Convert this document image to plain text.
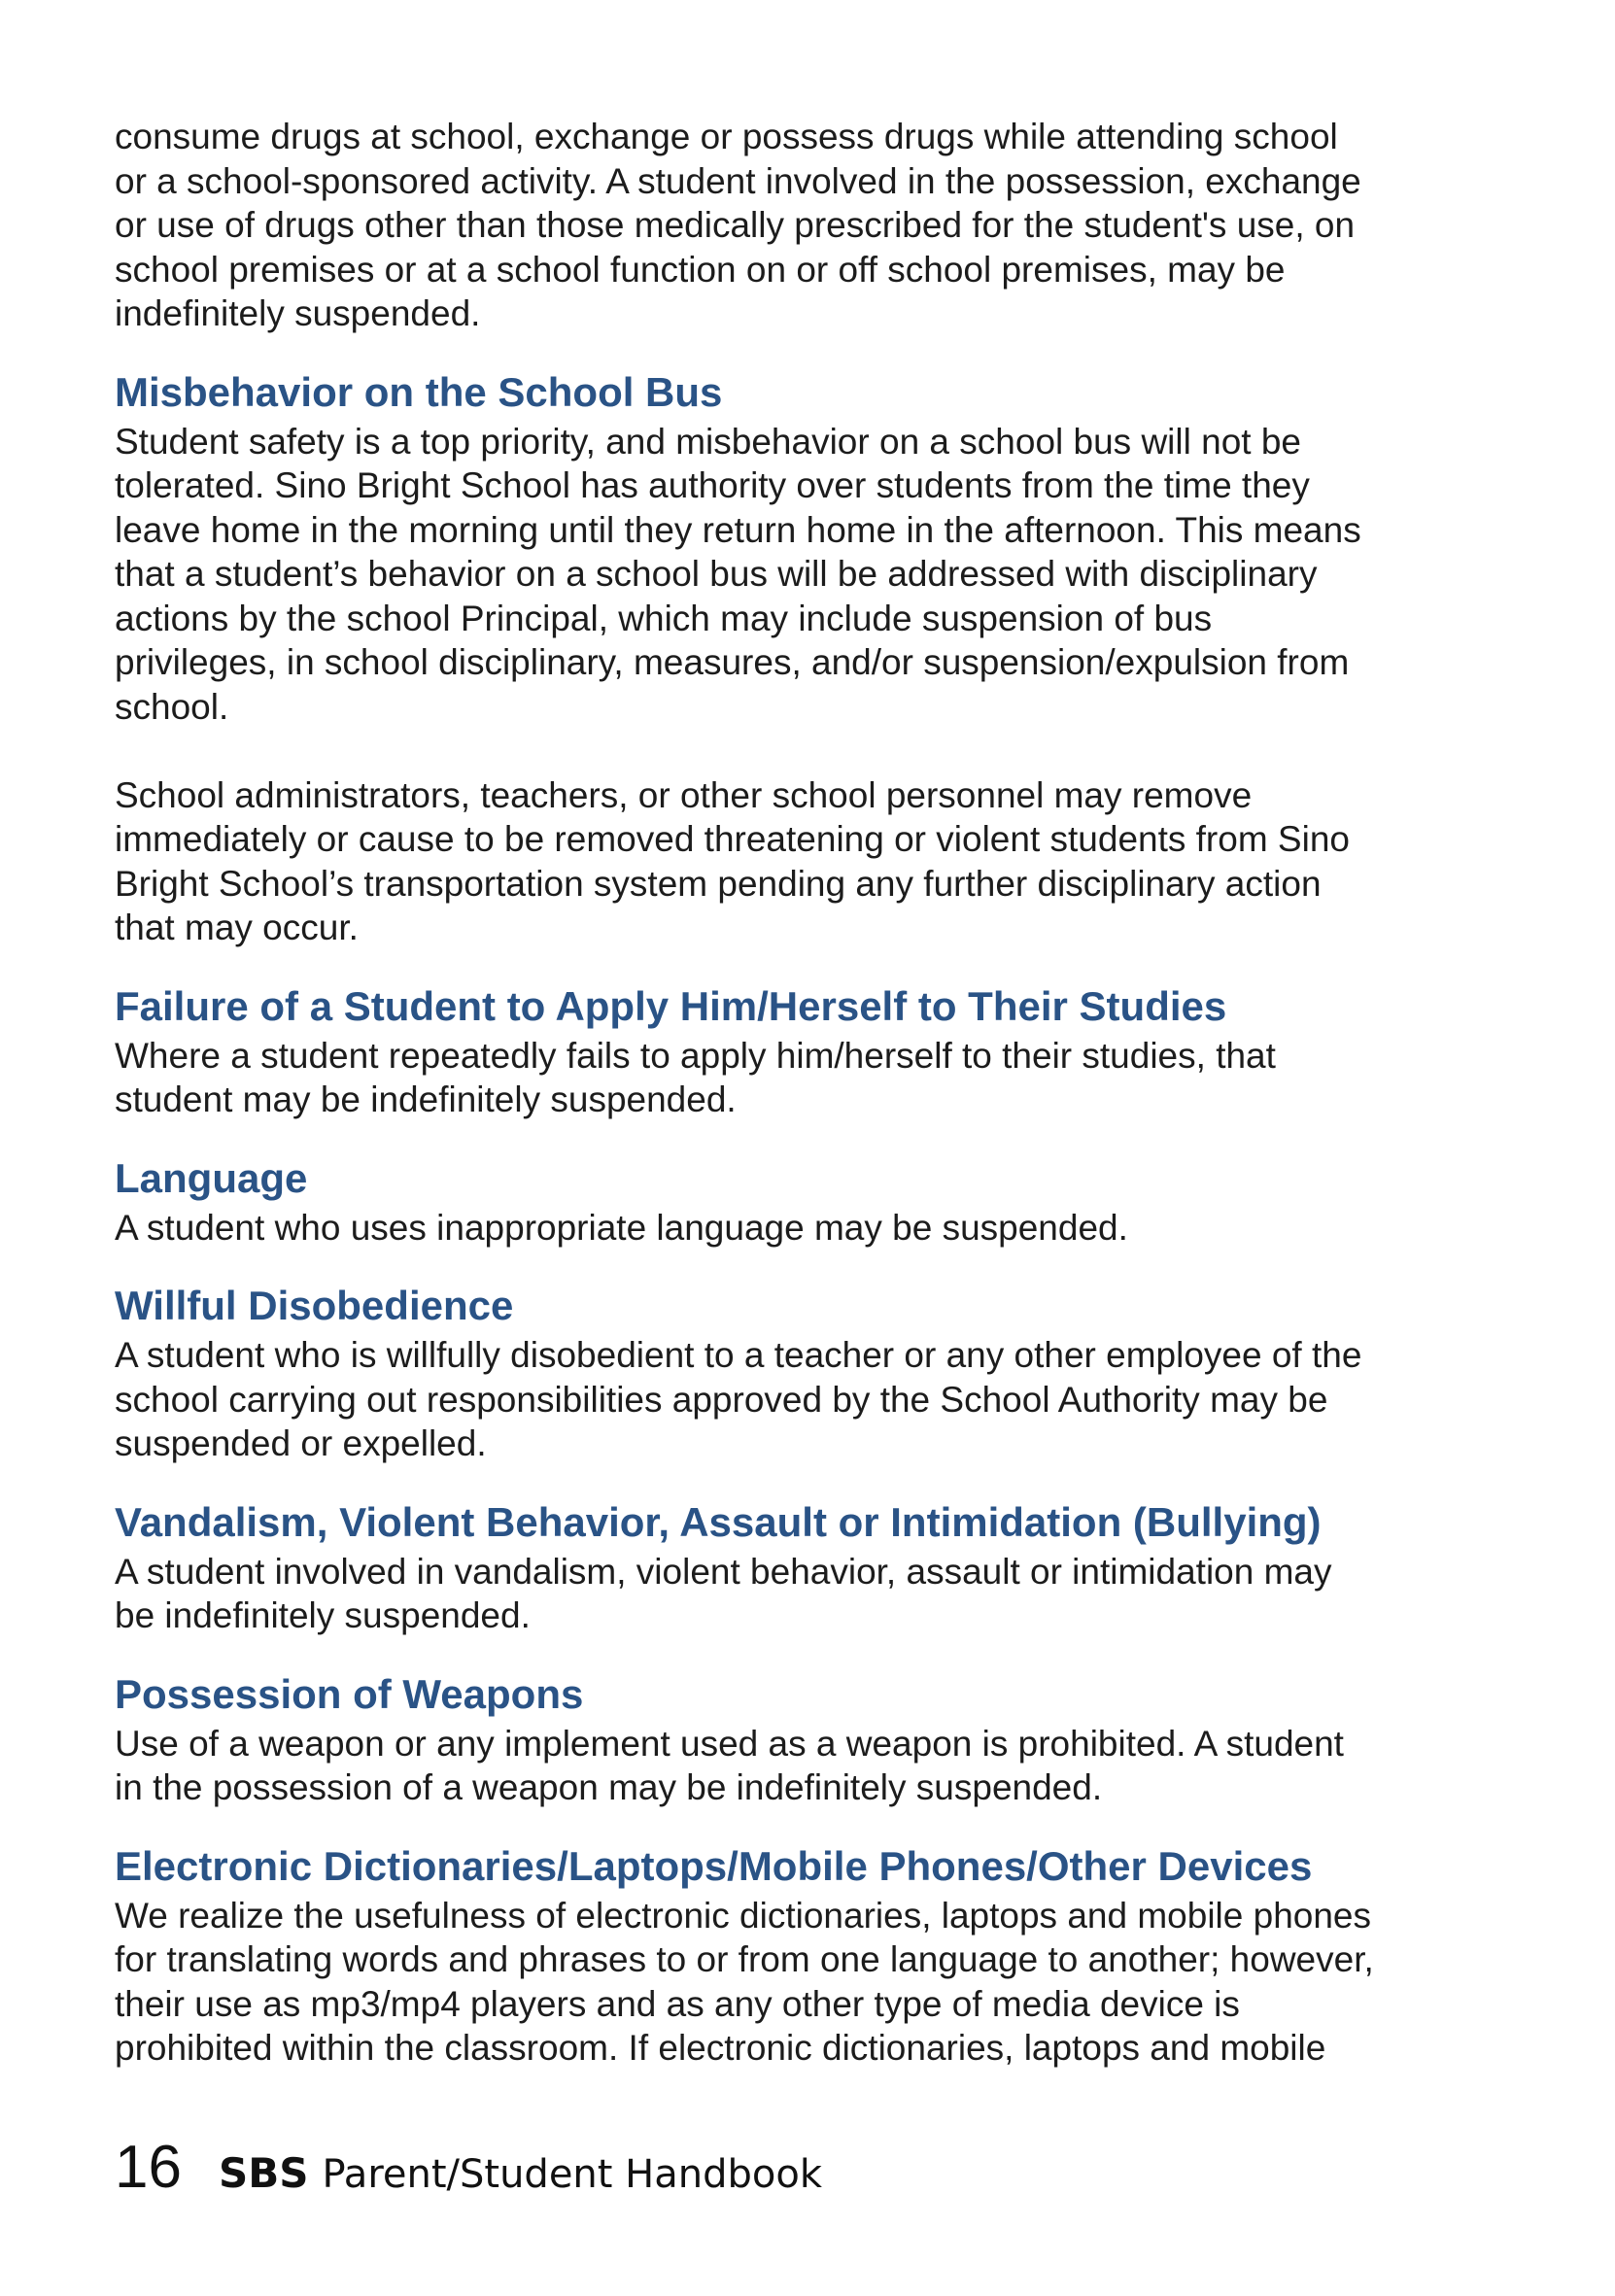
consume drugs at school, exchange or possess drugs while attending school
or a school-sponsored activity. A student involved in the possession, exchange
or use of drugs other than those medically prescribed for the student's use, on
school premises or at a school function on or off school premises, may be
indefinitely suspended.

Misbehavior on the School Bus

Student safety is a top priority, and misbehavior on a school bus will not be
tolerated. Sino Bright School has authority over students from the time they
leave home in the morning until they return home in the afternoon. This means
that a student’s behavior on a school bus will be addressed with disciplinary
actions by the school Principal, which may include suspension of bus
privileges, in school disciplinary, measures, and/or suspension/expulsion from
school.

School administrators, teachers, or other school personnel may remove
immediately or cause to be removed threatening or violent students from Sino
Bright School’s transportation system pending any further disciplinary action
that may occur.

Failure of a Student to Apply Him/Herself to Their Studies

Where a student repeatedly fails to apply him/herself to their studies, that
student may be indefinitely suspended.

Language

A student who uses inappropriate language may be suspended.

Willful Disobedience

A student who is willfully disobedient to a teacher or any other employee of the
school carrying out responsibilities approved by the School Authority may be
suspended or expelled.

Vandalism, Violent Behavior, Assault or Intimidation (Bullying)

A student involved in vandalism, violent behavior, assault or intimidation may
be indefinitely suspended.

Possession of Weapons

Use of a weapon or any implement used as a weapon is prohibited. A student
in the possession of a weapon may be indefinitely suspended.

Electronic Dictionaries/Laptops/Mobile Phones/Other Devices

We realize the usefulness of electronic dictionaries, laptops and mobile phones
for translating words and phrases to or from one language to another; however,
their use as mp3/mp4 players and as any other type of media device is
prohibited within the classroom. If electronic dictionaries, laptops and mobile

16 SBS Parent/Student Handbook
